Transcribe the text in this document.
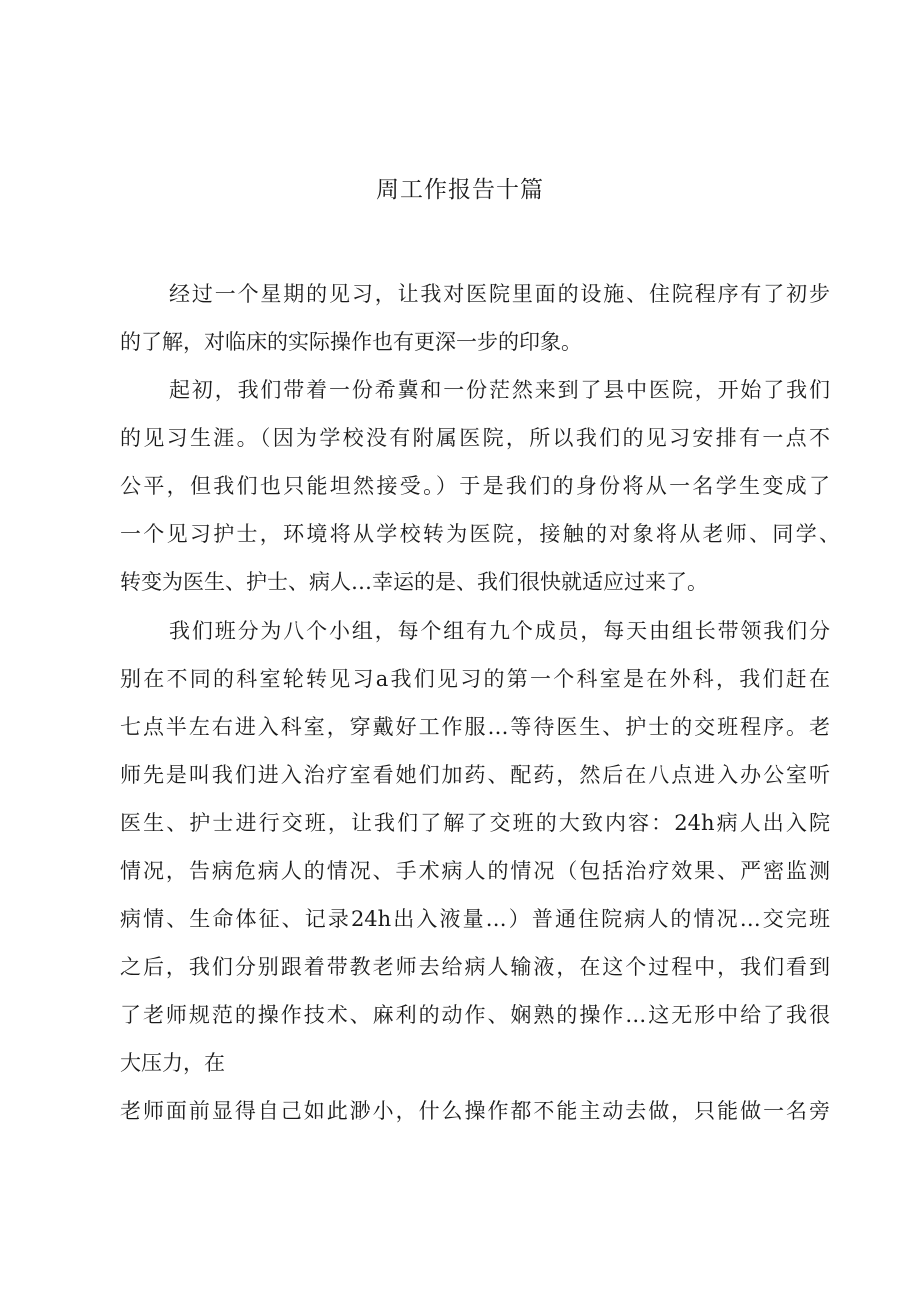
周工作报告十篇
经过一个星期的见习，让我对医院里面的设施、住院程序有了初步
的了解，对临床的实际操作也有更深一步的印象。
起初，我们带着一份希冀和一份茫然来到了县中医院，开始了我们
的见习生涯。（因为学校没有附属医院，所以我们的见习安排有一点不
公平，但我们也只能坦然接受。）于是我们的身份将从一名学生变成了
一个见习护士，环境将从学校转为医院，接触的对象将从老师、同学、
转变为医生、护士、病人…幸运的是、我们很快就适应过来了。
我们班分为八个小组，每个组有九个成员，每天由组长带领我们分
别在不同的科室轮转见习a我们见习的第一个科室是在外科，我们赶在
七点半左右进入科室，穿戴好工作服…等待医生、护士的交班程序。老
师先是叫我们进入治疗室看她们加药、配药，然后在八点进入办公室听
医生、护士进行交班，让我们了解了交班的大致内容：24h病人出入院
情况，告病危病人的情况、手术病人的情况（包括治疗效果、严密监测
病情、生命体征、记录24h出入液量…）普通住院病人的情况…交完班
之后，我们分别跟着带教老师去给病人输液，在这个过程中，我们看到
了老师规范的操作技术、麻利的动作、娴熟的操作…这无形中给了我很
大压力，在
老师面前显得自己如此渺小，什么操作都不能主动去做，只能做一名旁
